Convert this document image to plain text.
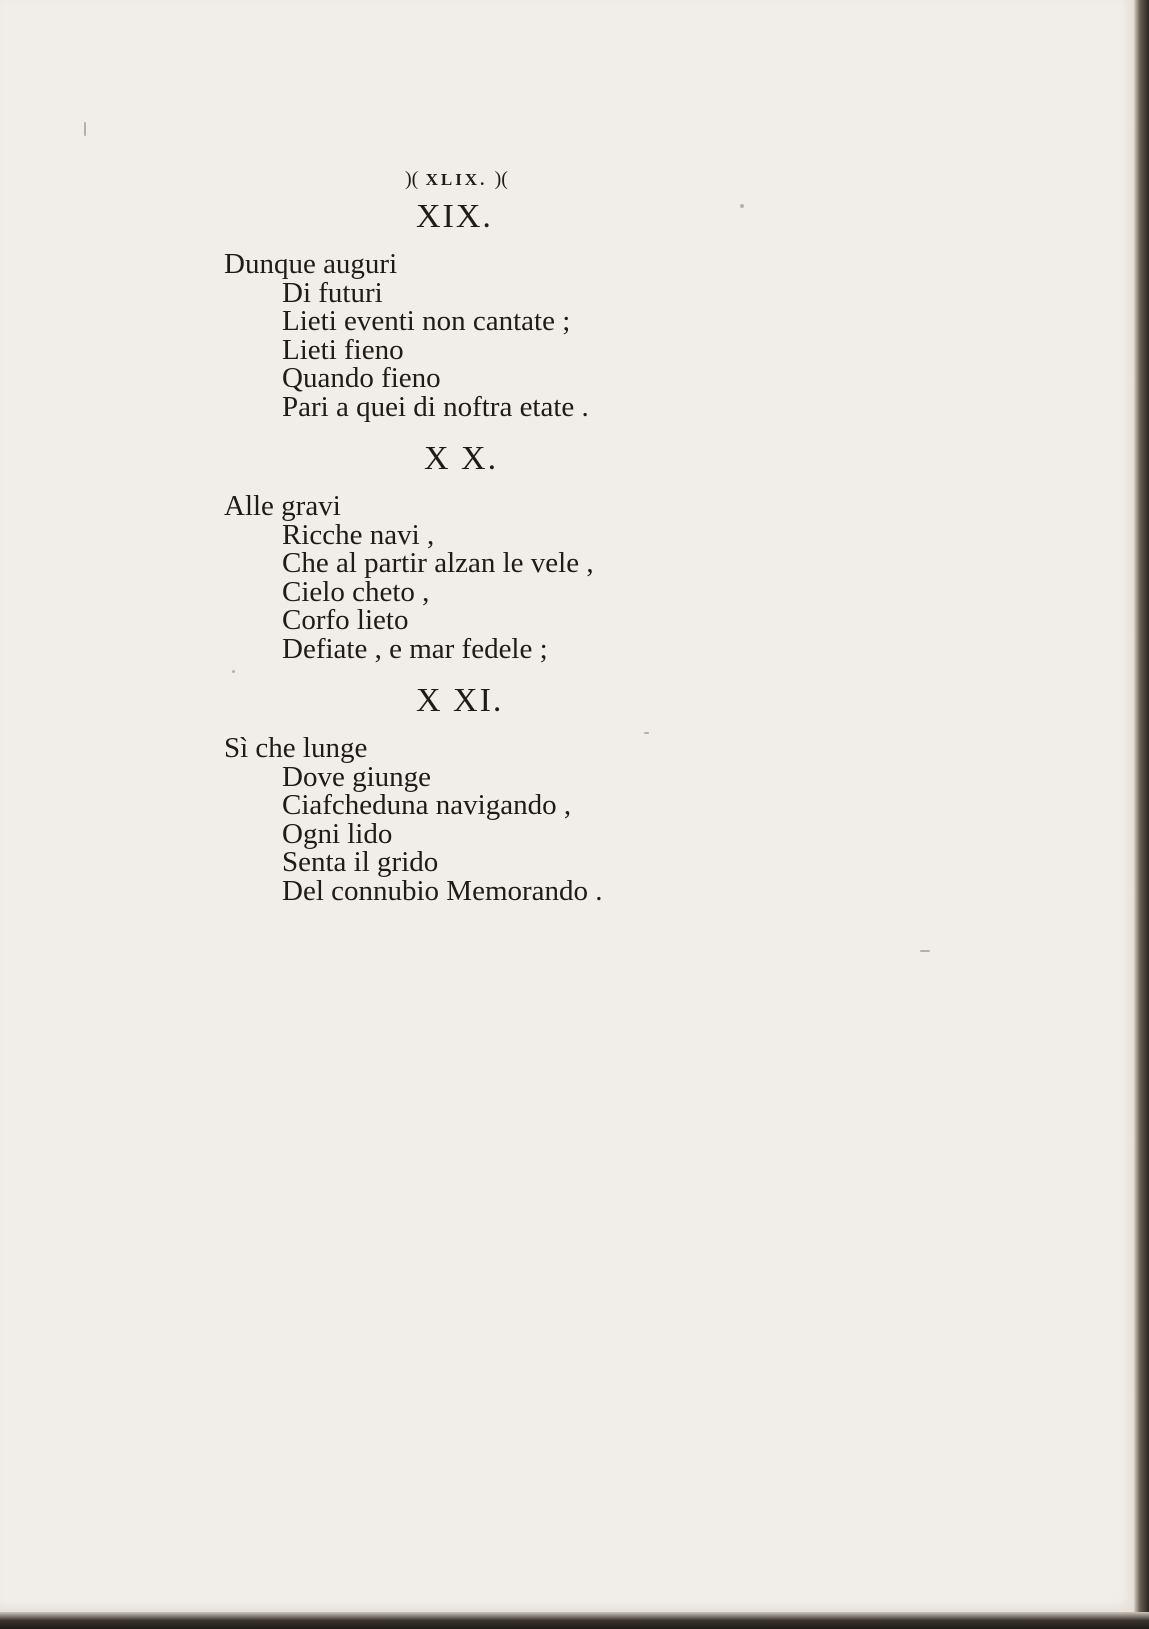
)( XLIX. )(
XIX.
Dunque auguri
Di futuri
Lieti eventi non cantate ;
Lieti fieno
Quando fieno
Pari a quei di noftra etate .
X X.
Alle gravi
Ricche navi ,
Che al partir alzan le vele ,
Cielo cheto ,
Corfo lieto
Defiate , e mar fedele ;
X XI.
Sì che lunge
Dove giunge
Ciafcheduna navigando ,
Ogni lido
Senta il grido
Del connubio Memorando .
